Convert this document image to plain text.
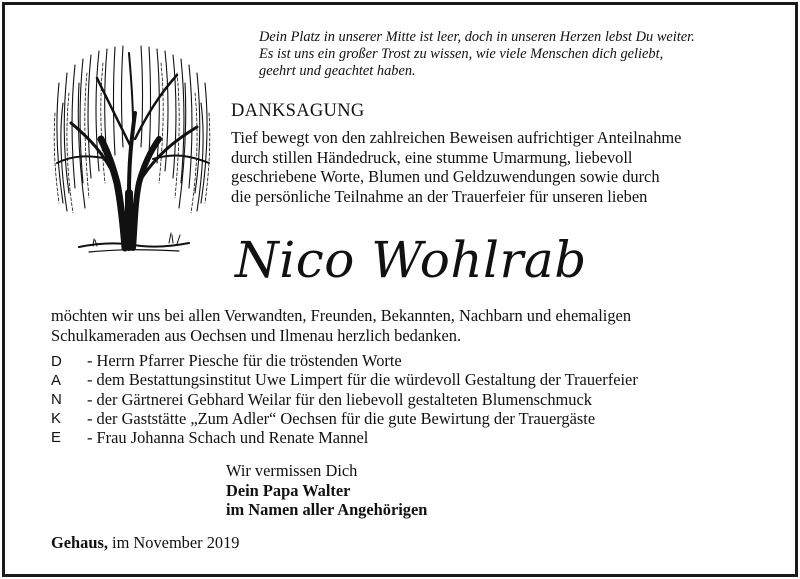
Dein Platz in unserer Mitte ist leer, doch in unseren Herzen lebst Du weiter.
Es ist uns ein großer Trost zu wissen, wie viele Menschen dich geliebt,
geehrt und geachtet haben.
DANKSAGUNG
Tief bewegt von den zahlreichen Beweisen aufrichtiger Anteilnahme
durch stillen Händedruck, eine stumme Umarmung, liebevoll
geschriebene Worte, Blumen und Geldzuwendungen sowie durch
die persönliche Teilnahme an der Trauerfeier für unseren lieben
Nico Wohlrab
möchten wir uns bei allen Verwandten, Freunden, Bekannten, Nachbarn und ehemaligen
Schulkameraden aus Oechsen und Ilmenau herzlich bedanken.
D
A
N
K
E
- Herrn Pfarrer Piesche für die tröstenden Worte
- dem Bestattungsinstitut Uwe Limpert für die würdevoll Gestaltung der Trauerfeier
- der Gärtnerei Gebhard Weilar für den liebevoll gestalteten Blumenschmuck
- der Gaststätte „Zum Adler“ Oechsen für die gute Bewirtung der Trauergäste
- Frau Johanna Schach und Renate Mannel
Wir vermissen Dich
Dein Papa Walter
im Namen aller Angehörigen
Gehaus, im November 2019
